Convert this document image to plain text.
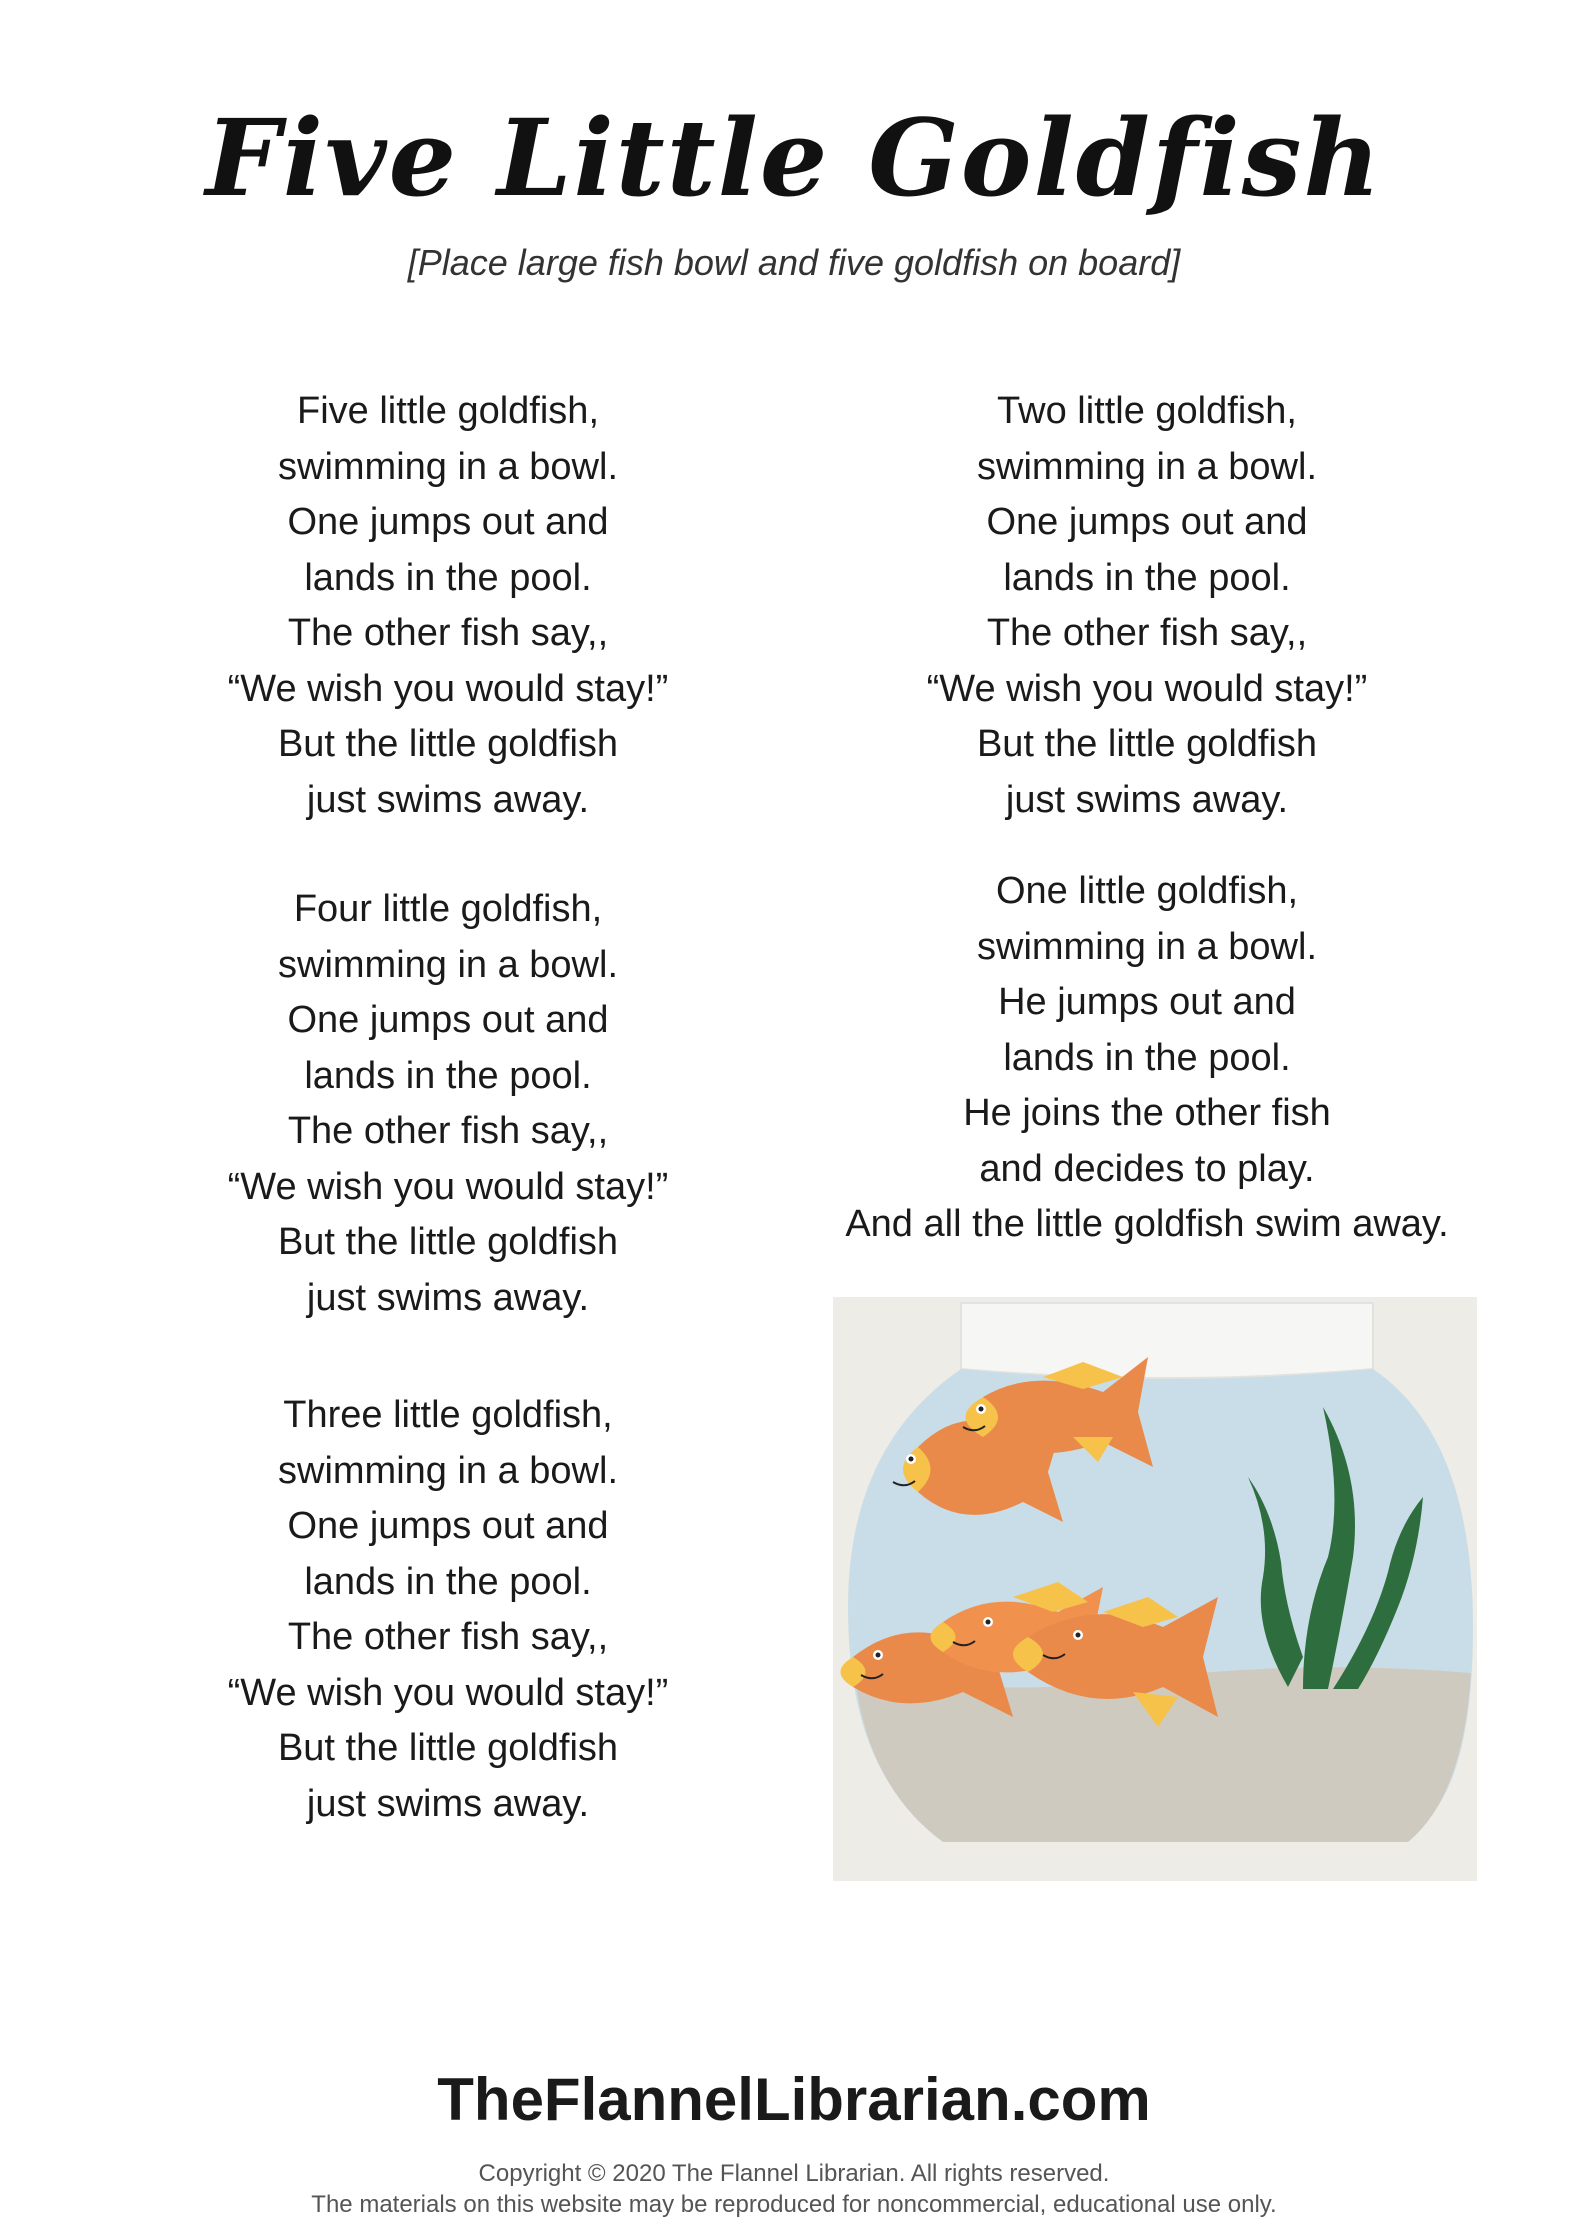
Five Little Goldfish
[Place large fish bowl and five goldfish on board]
Five little goldfish,
swimming in a bowl.
One jumps out and
lands in the pool.
The other fish say,,
“We wish you would stay!”
But the little goldfish
just swims away.
Four little goldfish,
swimming in a bowl.
One jumps out and
lands in the pool.
The other fish say,,
“We wish you would stay!”
But the little goldfish
just swims away.
Three little goldfish,
swimming in a bowl.
One jumps out and
lands in the pool.
The other fish say,,
“We wish you would stay!”
But the little goldfish
just swims away.
Two little goldfish,
swimming in a bowl.
One jumps out and
lands in the pool.
The other fish say,,
“We wish you would stay!”
But the little goldfish
just swims away.
One little goldfish,
swimming in a bowl.
He jumps out and
lands in the pool.
He joins the other fish
and decides to play.
And all the little goldfish swim away.
TheFlannelLibrarian.com
Copyright © 2020 The Flannel Librarian. All rights reserved.
The materials on this website may be reproduced for noncommercial, educational use only.
